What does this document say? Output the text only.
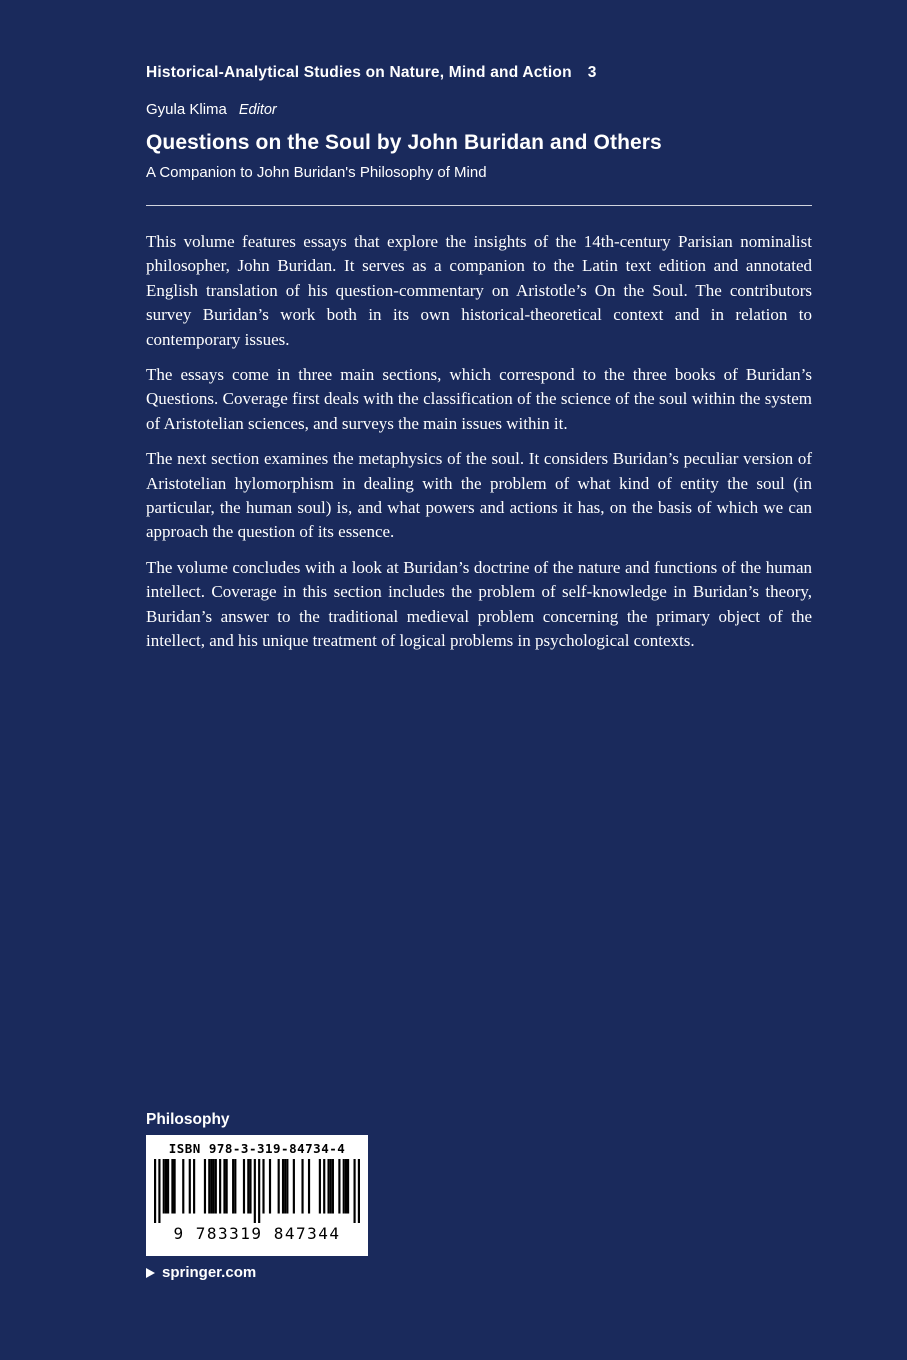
Historical-Analytical Studies on Nature, Mind and Action 3
Gyula Klima Editor
Questions on the Soul by John Buridan and Others
A Companion to John Buridan's Philosophy of Mind

This volume features essays that explore the insights of the 14th-century Parisian nominalist philosopher, John Buridan. It serves as a companion to the Latin text edition and annotated English translation of his question-commentary on Aristotle’s On the Soul. The contributors survey Buridan’s work both in its own historical-theoretical context and in relation to contemporary issues.

The essays come in three main sections, which correspond to the three books of Buridan’s Questions. Coverage first deals with the classification of the science of the soul within the system of Aristotelian sciences, and surveys the main issues within it.

The next section examines the metaphysics of the soul. It considers Buridan’s peculiar version of Aristotelian hylomorphism in dealing with the problem of what kind of entity the soul (in particular, the human soul) is, and what powers and actions it has, on the basis of which we can approach the question of its essence.

The volume concludes with a look at Buridan’s doctrine of the nature and functions of the human intellect. Coverage in this section includes the problem of self-knowledge in Buridan’s theory, Buridan’s answer to the traditional medieval problem concerning the primary object of the intellect, and his unique treatment of logical problems in psychological contexts.

Philosophy
ISBN 978-3-319-84734-4
9 783319 847344
springer.com
